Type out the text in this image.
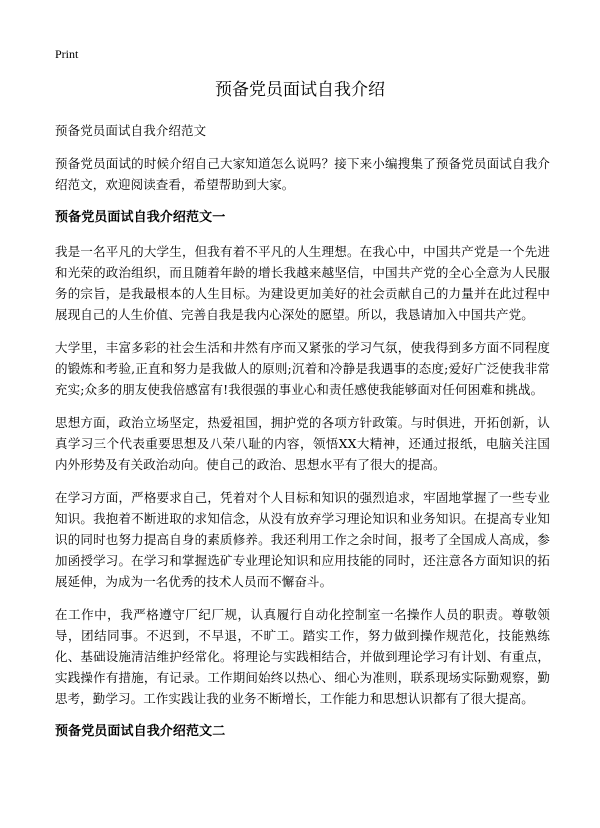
Print
预备党员面试自我介绍

预备党员面试自我介绍范文

预备党员面试的时候介绍自己大家知道怎么说吗？接下来小编搜集了预备党员面试自我介绍范文，欢迎阅读查看，希望帮助到大家。

预备党员面试自我介绍范文一

我是一名平凡的大学生，但我有着不平凡的人生理想。在我心中，中国共产党是一个先进和光荣的政治组织，而且随着年龄的增长我越来越坚信，中国共产党的全心全意为人民服务的宗旨，是我最根本的人生目标。为建设更加美好的社会贡献自己的力量并在此过程中展现自己的人生价值、完善自我是我内心深处的愿望。所以，我恳请加入中国共产党。

大学里，丰富多彩的社会生活和井然有序而又紧张的学习气氛，使我得到多方面不同程度的锻炼和考验,正直和努力是我做人的原则;沉着和冷静是我遇事的态度;爱好广泛使我非常充实;众多的朋友使我倍感富有!我很强的事业心和责任感使我能够面对任何困难和挑战。

思想方面，政治立场坚定，热爱祖国，拥护党的各项方针政策。与时俱进，开拓创新，认真学习三个代表重要思想及八荣八耻的内容，领悟XX大精神，还通过报纸，电脑关注国内外形势及有关政治动向。使自己的政治、思想水平有了很大的提高。

在学习方面，严格要求自己，凭着对个人目标和知识的强烈追求，牢固地掌握了一些专业知识。我抱着不断进取的求知信念，从没有放弃学习理论知识和业务知识。在提高专业知识的同时也努力提高自身的素质修养。我还利用工作之余时间，报考了全国成人高成，参加函授学习。在学习和掌握选矿专业理论知识和应用技能的同时，还注意各方面知识的拓展延伸，为成为一名优秀的技术人员而不懈奋斗。

在工作中，我严格遵守厂纪厂规，认真履行自动化控制室一名操作人员的职责。尊敬领导，团结同事。不迟到，不早退，不旷工。踏实工作，努力做到操作规范化，技能熟练化、基础设施清洁维护经常化。将理论与实践相结合，并做到理论学习有计划、有重点，实践操作有措施，有记录。工作期间始终以热心、细心为准则，联系现场实际勤观察，勤思考，勤学习。工作实践让我的业务不断增长，工作能力和思想认识都有了很大提高。

预备党员面试自我介绍范文二
